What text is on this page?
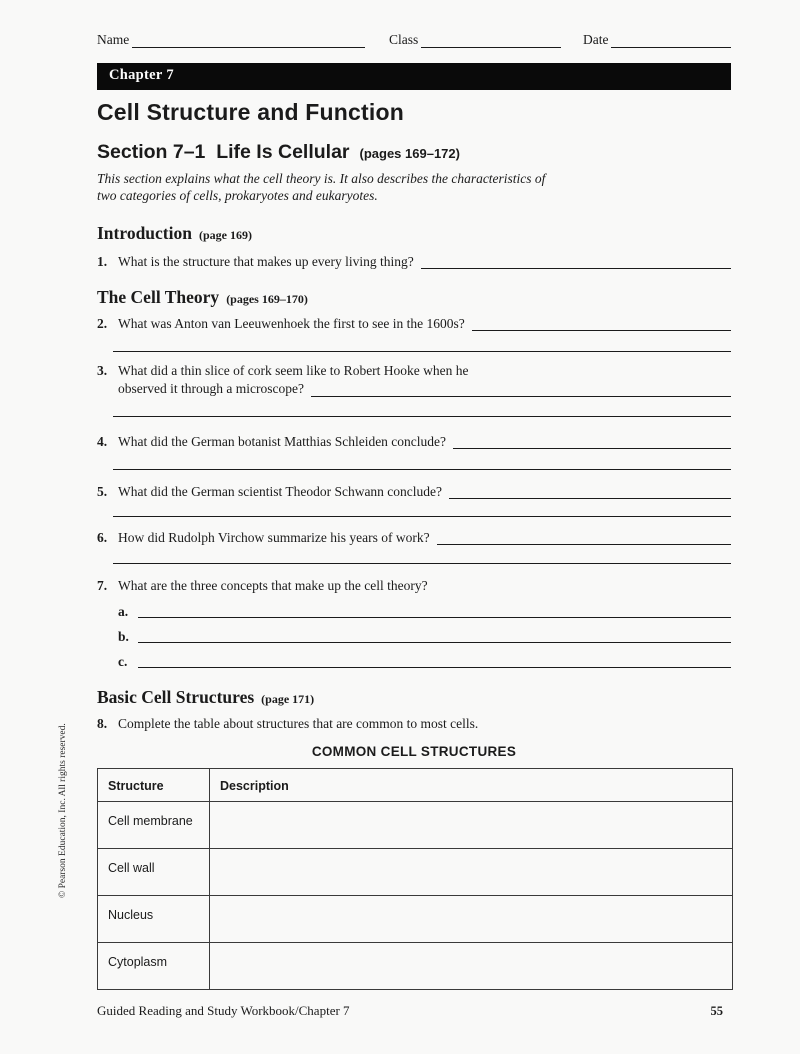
Name	Class	Date
Chapter 7
Cell Structure and Function
Section 7–1  Life Is Cellular (pages 169–172)
This section explains what the cell theory is. It also describes the characteristics of two categories of cells, prokaryotes and eukaryotes.
Introduction (page 169)
1. What is the structure that makes up every living thing?
The Cell Theory (pages 169–170)
2. What was Anton van Leeuwenhoek the first to see in the 1600s?
3. What did a thin slice of cork seem like to Robert Hooke when he
observed it through a microscope?
4. What did the German botanist Matthias Schleiden conclude?
5. What did the German scientist Theodor Schwann conclude?
6. How did Rudolph Virchow summarize his years of work?
7. What are the three concepts that make up the cell theory?
a.
b.
c.
Basic Cell Structures (page 171)
8. Complete the table about structures that are common to most cells.
COMMON CELL STRUCTURES
Structure	Description
Cell membrane	
Cell wall	
Nucleus	
Cytoplasm	
Guided Reading and Study Workbook/Chapter 7	55
© Pearson Education, Inc. All rights reserved.
